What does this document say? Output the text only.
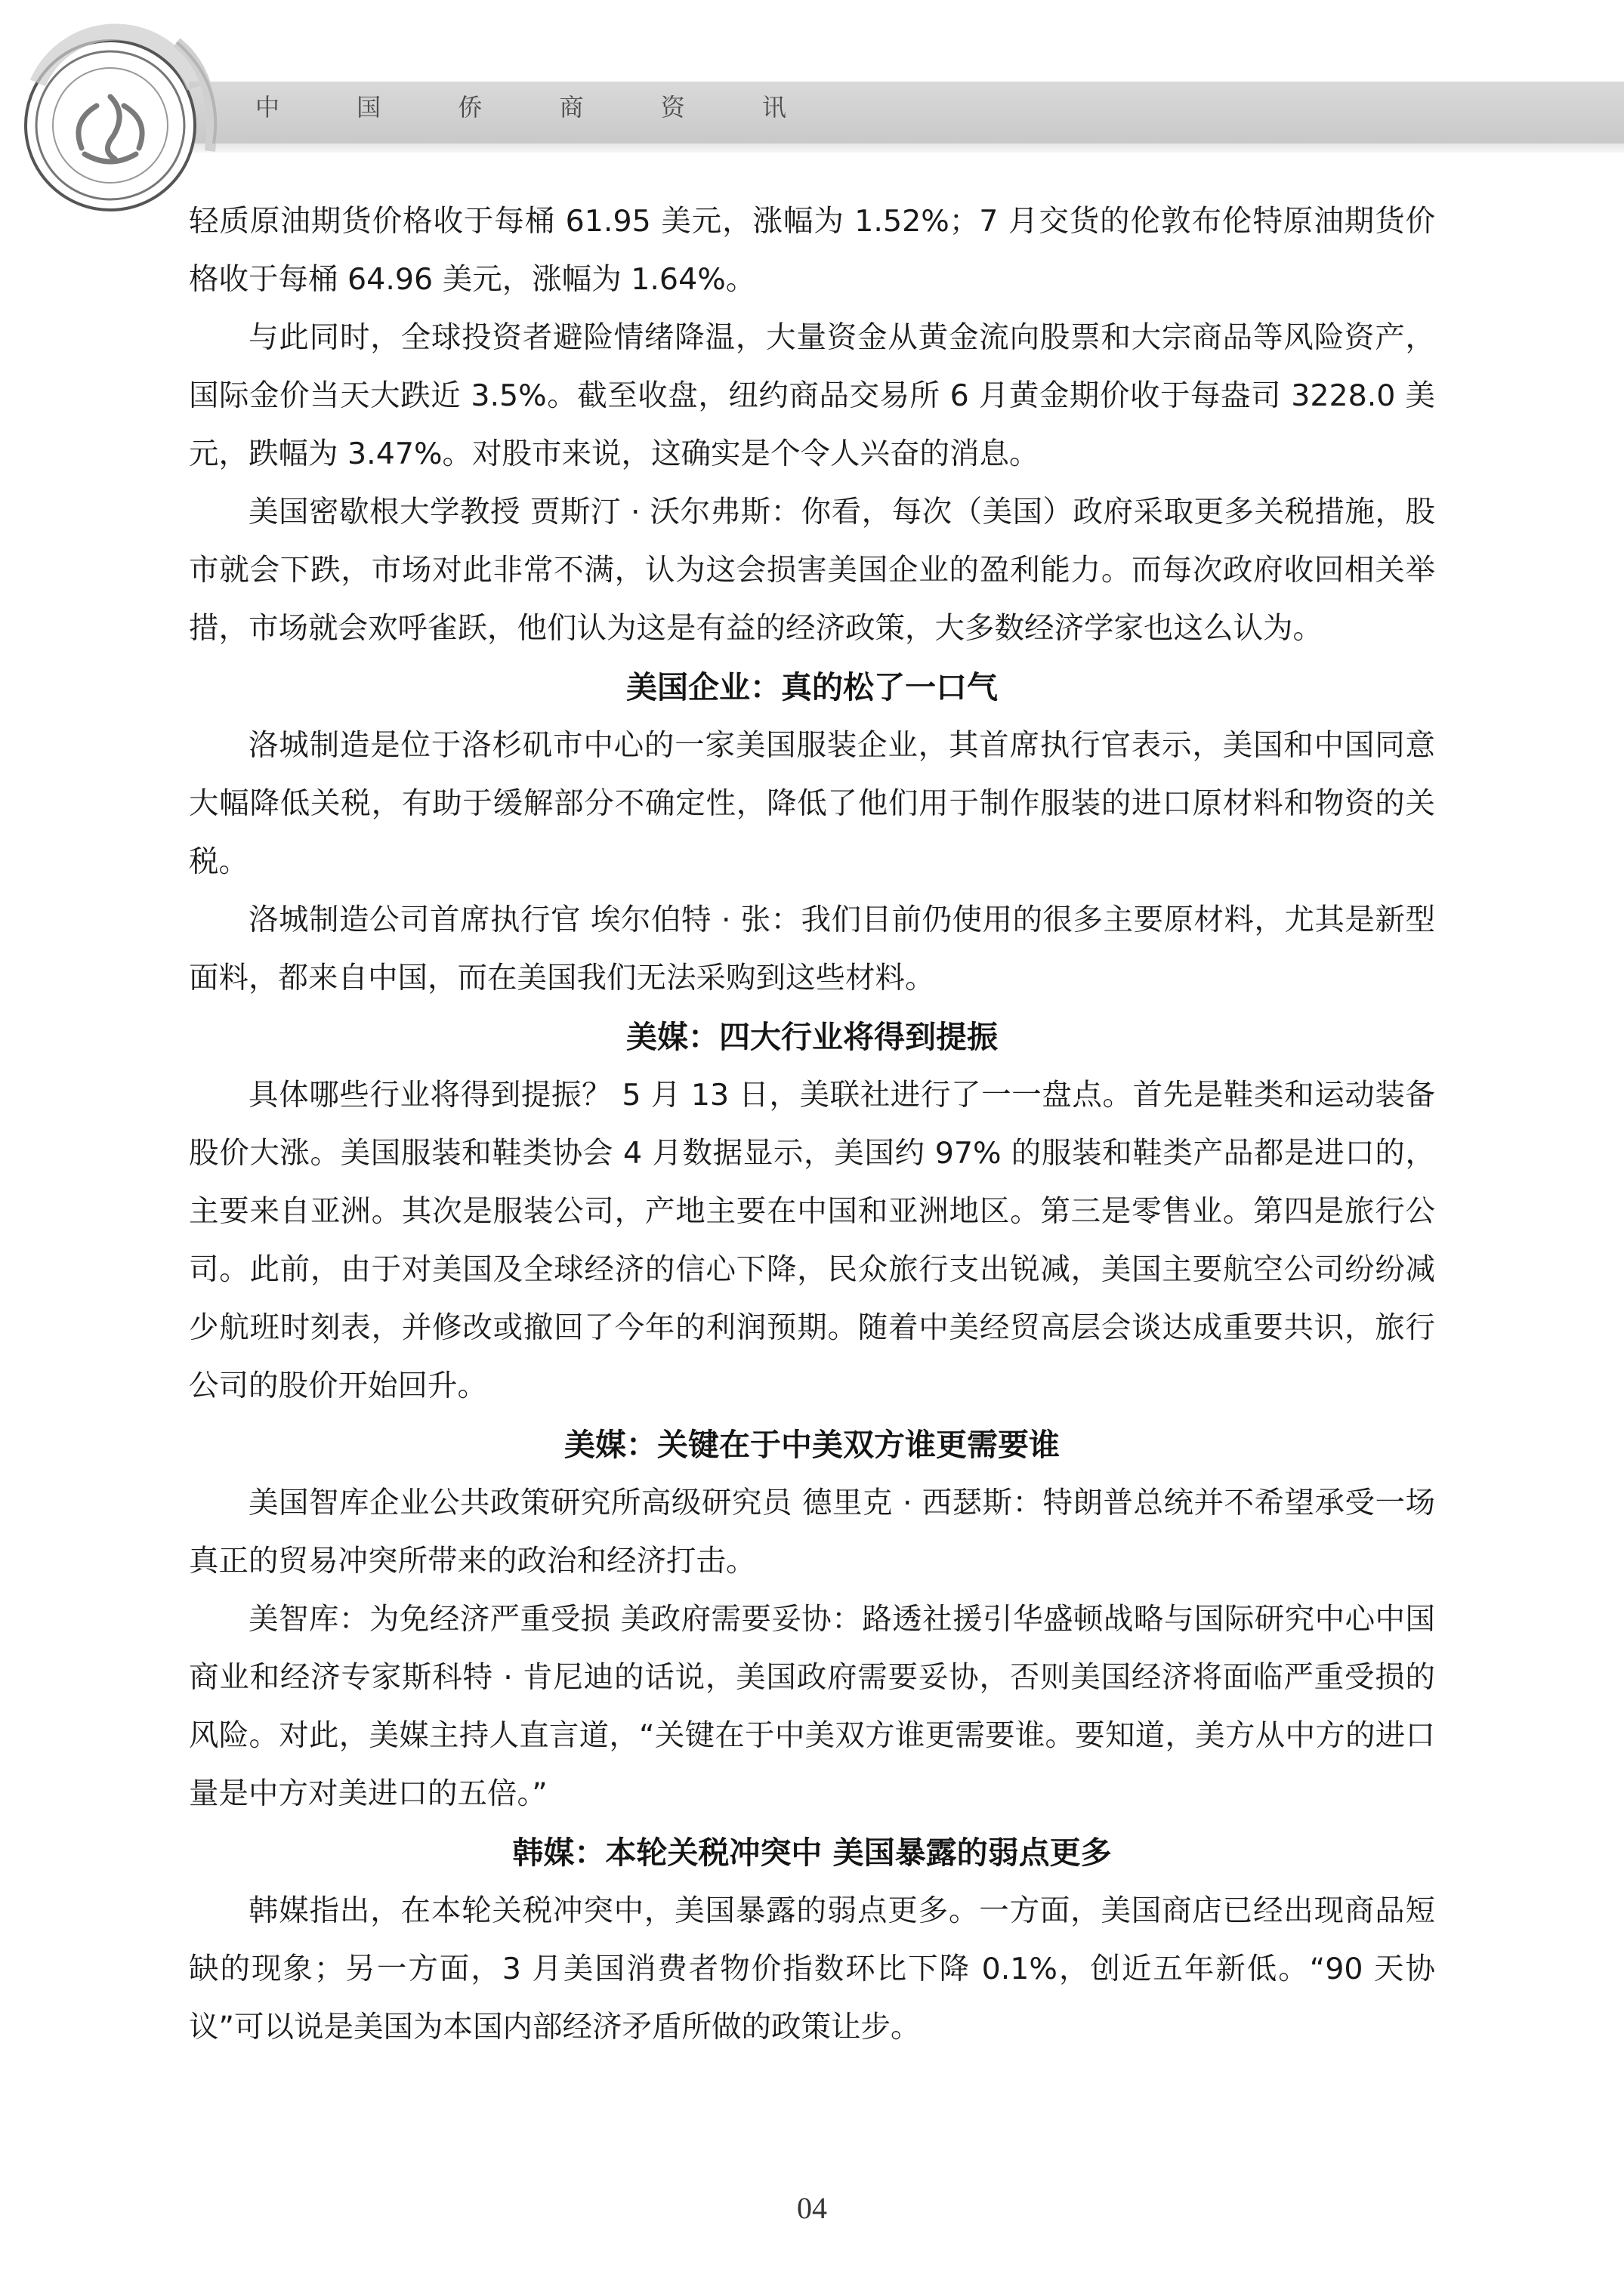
中 国 侨 商 资 讯

轻质原油期货价格收于每桶 61.95 美元，涨幅为 1.52%；7 月交货的伦敦布伦特原油期货价格收于每桶 64.96 美元，涨幅为 1.64%。

与此同时，全球投资者避险情绪降温，大量资金从黄金流向股票和大宗商品等风险资产，国际金价当天大跌近 3.5%。截至收盘，纽约商品交易所 6 月黄金期价收于每盎司 3228.0 美元，跌幅为 3.47%。对股市来说，这确实是个令人兴奋的消息。

美国密歇根大学教授 贾斯汀 · 沃尔弗斯：你看，每次（美国）政府采取更多关税措施，股市就会下跌，市场对此非常不满，认为这会损害美国企业的盈利能力。而每次政府收回相关举措，市场就会欢呼雀跃，他们认为这是有益的经济政策，大多数经济学家也这么认为。

美国企业：真的松了一口气

洛城制造是位于洛杉矶市中心的一家美国服装企业，其首席执行官表示，美国和中国同意大幅降低关税，有助于缓解部分不确定性，降低了他们用于制作服装的进口原材料和物资的关税。

洛城制造公司首席执行官 埃尔伯特 · 张：我们目前仍使用的很多主要原材料，尤其是新型面料，都来自中国，而在美国我们无法采购到这些材料。

美媒：四大行业将得到提振

具体哪些行业将得到提振？ 5 月 13 日，美联社进行了一一盘点。首先是鞋类和运动装备股价大涨。美国服装和鞋类协会 4 月数据显示，美国约 97% 的服装和鞋类产品都是进口的，主要来自亚洲。其次是服装公司，产地主要在中国和亚洲地区。第三是零售业。第四是旅行公司。此前，由于对美国及全球经济的信心下降，民众旅行支出锐减，美国主要航空公司纷纷减少航班时刻表，并修改或撤回了今年的利润预期。随着中美经贸高层会谈达成重要共识，旅行公司的股价开始回升。

美媒：关键在于中美双方谁更需要谁

美国智库企业公共政策研究所高级研究员 德里克 · 西瑟斯：特朗普总统并不希望承受一场真正的贸易冲突所带来的政治和经济打击。

美智库：为免经济严重受损 美政府需要妥协：路透社援引华盛顿战略与国际研究中心中国商业和经济专家斯科特 · 肯尼迪的话说，美国政府需要妥协，否则美国经济将面临严重受损的风险。对此，美媒主持人直言道，“关键在于中美双方谁更需要谁。要知道，美方从中方的进口量是中方对美进口的五倍。”

韩媒：本轮关税冲突中 美国暴露的弱点更多

韩媒指出，在本轮关税冲突中，美国暴露的弱点更多。一方面，美国商店已经出现商品短缺的现象；另一方面，3 月美国消费者物价指数环比下降 0.1%，创近五年新低。“90 天协议”可以说是美国为本国内部经济矛盾所做的政策让步。

04
